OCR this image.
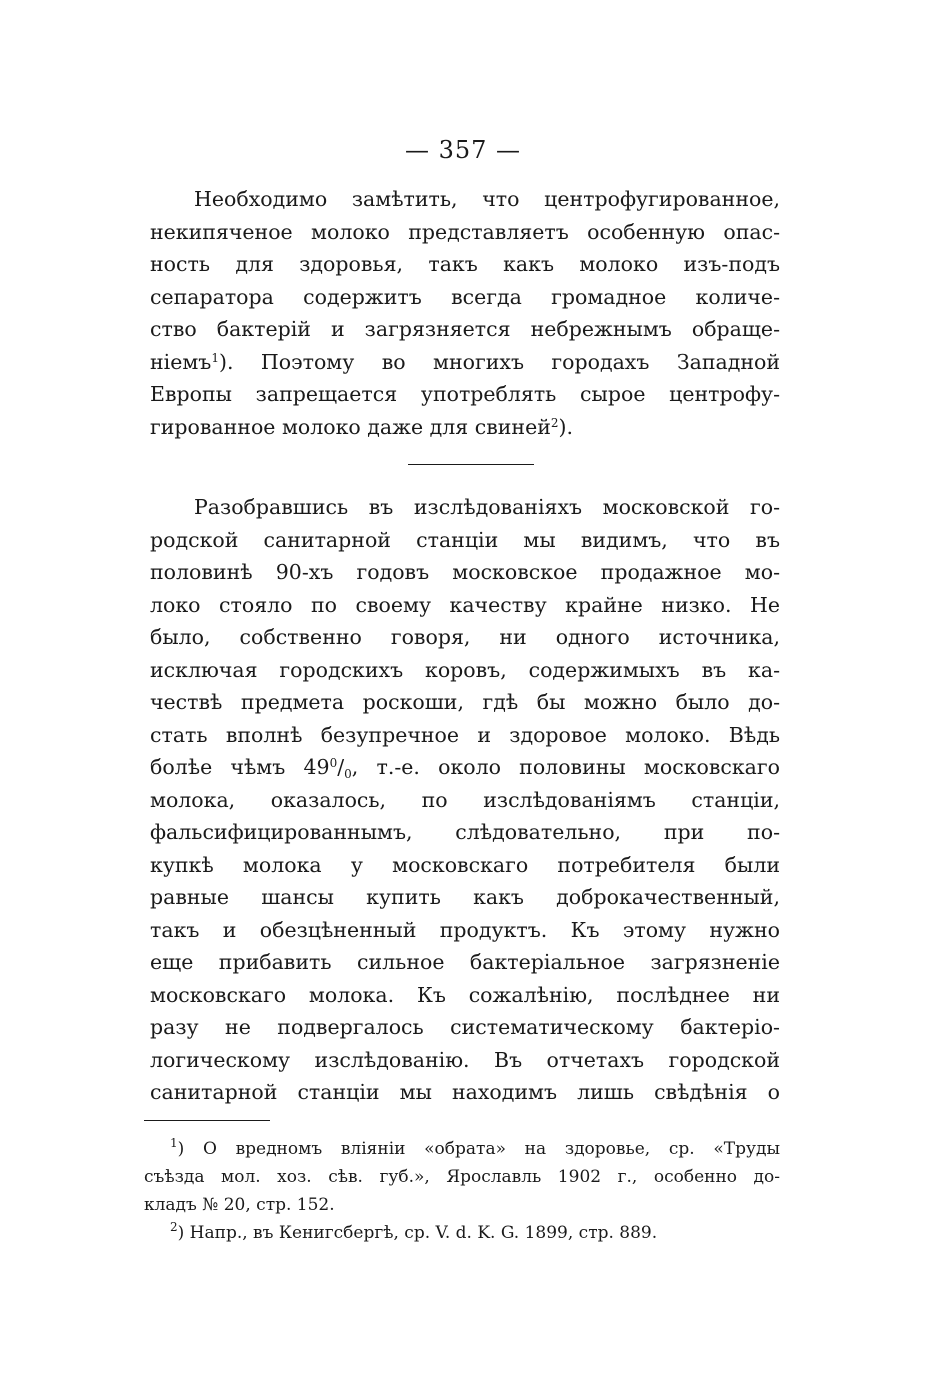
— 357 —
Необходимо замѣтить, что центрофугированное,
некипяченое молоко представляетъ особенную опас-
ность для здоровья, такъ какъ молоко изъ-подъ
сепаратора содержитъ всегда громадное количе-
ство бактерій и загрязняется небрежнымъ обраще-
ніемъ$^1$). Поэтому во многихъ городахъ Западной
Европы запрещается употреблять сырое центрофу-
гированное молоко даже для свиней$^2$).
Разобравшись въ изслѣдованіяхъ московской го-
родской санитарной станціи мы видимъ, что въ
половинѣ 90-хъ годовъ московское продажное мо-
локо стояло по своему качеству крайне низко. Не
было, собственно говоря, ни одного источника,
исключая городскихъ коровъ, содержимыхъ въ ка-
чествѣ предмета роскоши, гдѣ бы можно было до-
стать вполнѣ безупречное и здоровое молоко. Вѣдь
болѣе чѣмъ $49^0/_0$, т.-е. около половины московскаго
молока, оказалось, по изслѣдованіямъ станціи,
фальсифицированнымъ, слѣдовательно, при по-
купкѣ молока у московскаго потребителя были
равные шансы купить какъ доброкачественный,
такъ и обезцѣненный продуктъ. Къ этому нужно
еще прибавить сильное бактеріальное загрязненіе
московскаго молока. Къ сожалѣнію, послѣднее ни
разу не подвергалось систематическому бактеріо-
логическому изслѣдованію. Въ отчетахъ городской
санитарной станціи мы находимъ лишь свѣдѣнія о
$^1$) О вредномъ вліяніи «обрата» на здоровье, ср. «Труды
съѣзда мол. хоз. сѣв. губ.», Ярославль 1902 г., особенно до-
кладъ № 20, стр. 152.
$^2$) Напр., въ Кенигсбергѣ, ср. V. d. K. G. 1899, стр. 889.
